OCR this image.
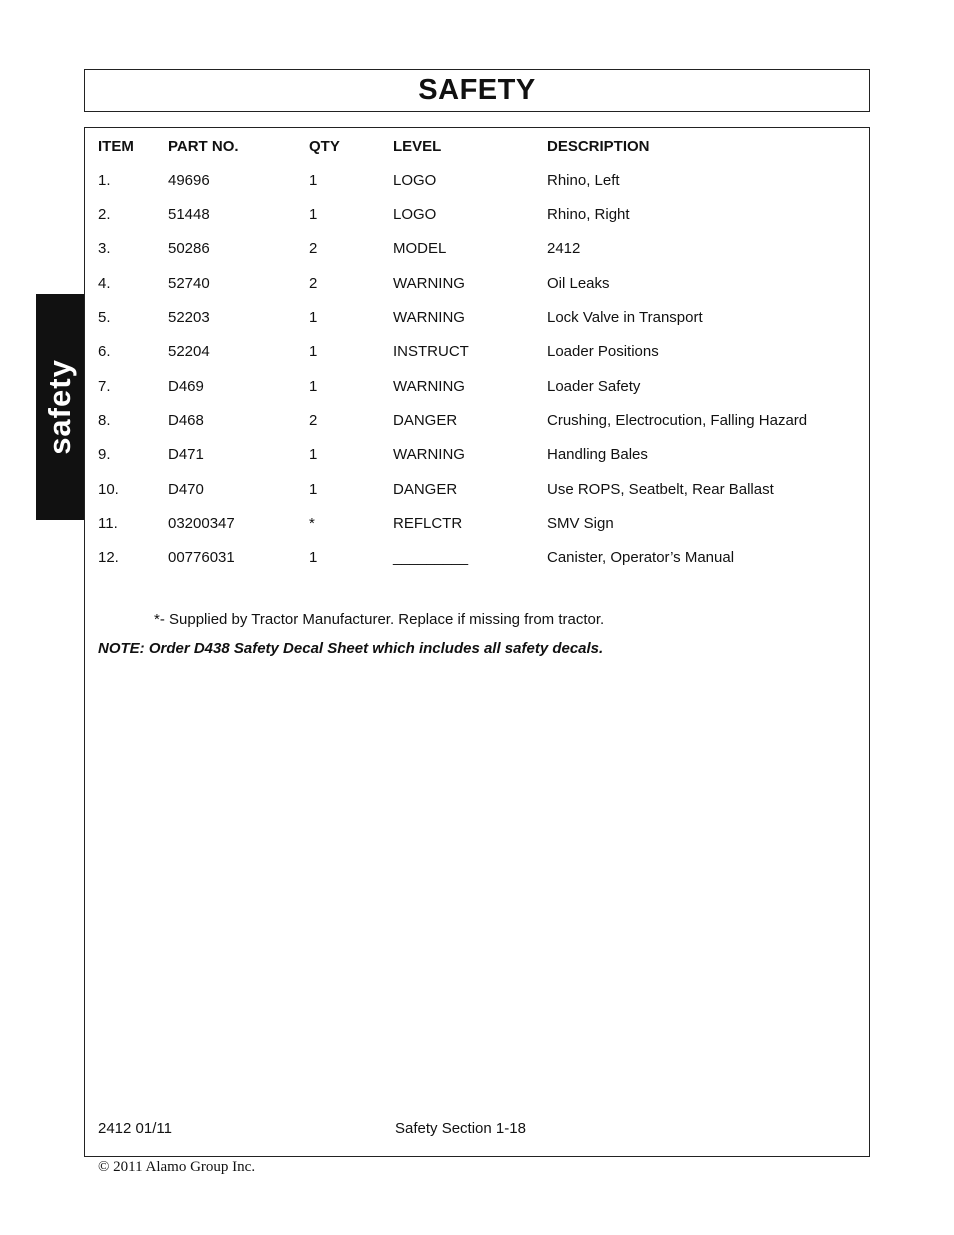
SAFETY
safety
ITEM PART NO.	QTY	LEVEL	DESCRIPTION
1.	49696	1	LOGO	Rhino, Left
2.	51448	1	LOGO	Rhino, Right
3.	50286	2	MODEL	2412
4.	52740	2	WARNING	Oil Leaks
5.	52203	1	WARNING	Lock Valve in Transport
6.	52204	1	INSTRUCT	Loader Positions
7.	D469	1	WARNING	Loader Safety
8.	D468	2	DANGER	Crushing, Electrocution, Falling Hazard
9.	D471	1	WARNING	Handling Bales
10.	D470	1	DANGER	Use ROPS, Seatbelt, Rear Ballast
11.	03200347	*	REFLCTR	SMV Sign
12.	00776031	1	_________	Canister, Operator’s Manual
*- Supplied by Tractor Manufacturer. Replace if missing from tractor.
NOTE: Order D438 Safety Decal Sheet which includes all safety decals.
2412 01/11	Safety Section 1-18
© 2011 Alamo Group Inc.
